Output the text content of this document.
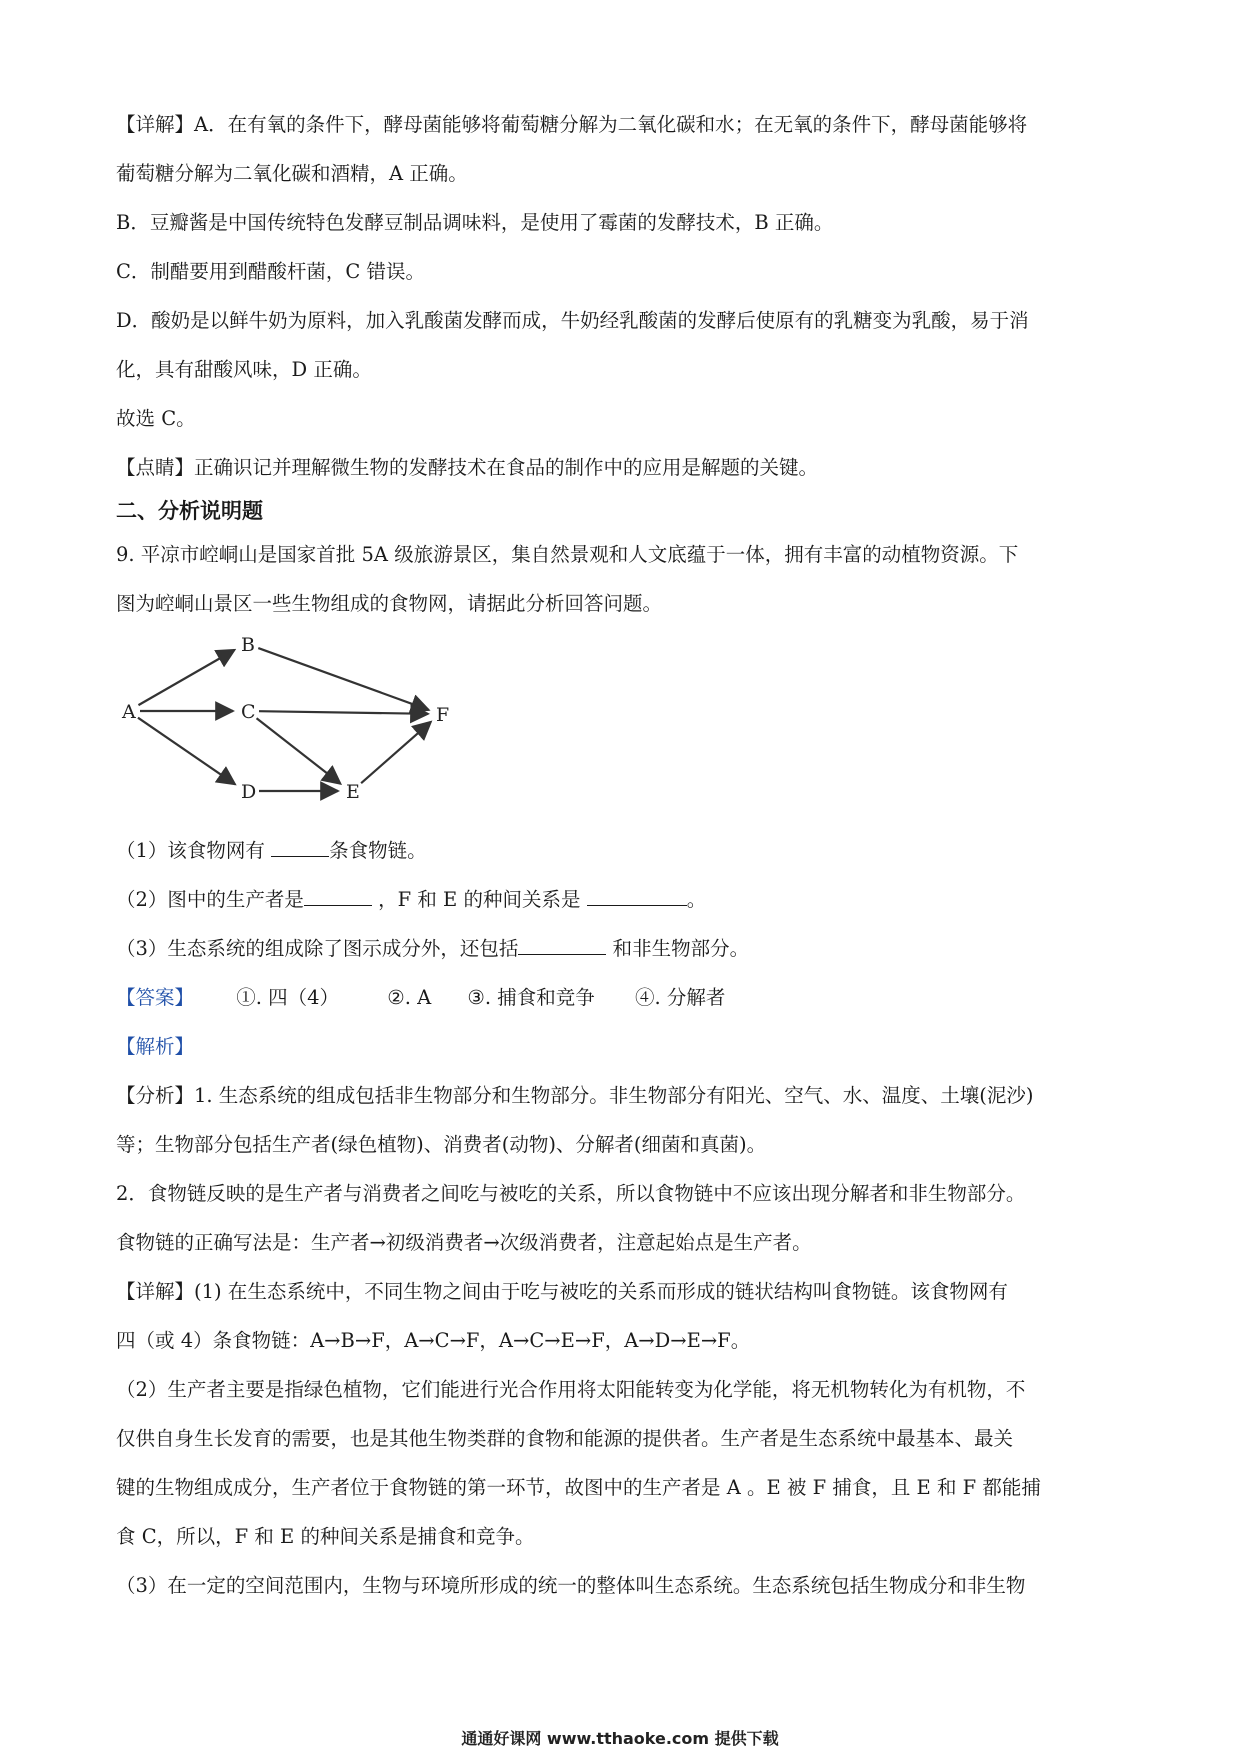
【详解】A．在有氧的条件下，酵母菌能够将葡萄糖分解为二氧化碳和水；在无氧的条件下，酵母菌能够将

葡萄糖分解为二氧化碳和酒精，A 正确。

B．豆瓣酱是中国传统特色发酵豆制品调味料，是使用了霉菌的发酵技术，B 正确。

C．制醋要用到醋酸杆菌，C 错误。

D．酸奶是以鲜牛奶为原料，加入乳酸菌发酵而成，牛奶经乳酸菌的发酵后使原有的乳糖变为乳酸，易于消

化，具有甜酸风味，D 正确。

故选 C。

【点睛】正确识记并理解微生物的发酵技术在食品的制作中的应用是解题的关键。

二、分析说明题

9. 平凉市崆峒山是国家首批 5A 级旅游景区，集自然景观和人文底蕴于一体，拥有丰富的动植物资源。下

图为崆峒山景区一些生物组成的食物网，请据此分析回答问题。

A
B
C
D	E
F

（1）该食物网有	条食物链。

（2）图中的生产者是	，F 和 E 的种间关系是	。

（3）生态系统的组成除了图示成分外，还包括	和非生物部分。

【答案】 ①. 四（4） ②. A ③. 捕食和竞争 ④. 分解者

【解析】

【分析】1. 生态系统的组成包括非生物部分和生物部分。非生物部分有阳光、空气、水、温度、土壤(泥沙)

等；生物部分包括生产者(绿色植物)、消费者(动物)、分解者(细菌和真菌)。

2．食物链反映的是生产者与消费者之间吃与被吃的关系，所以食物链中不应该出现分解者和非生物部分。

食物链的正确写法是：生产者→初级消费者→次级消费者，注意起始点是生产者。

【详解】(1) 在生态系统中，不同生物之间由于吃与被吃的关系而形成的链状结构叫食物链。该食物网有

四（或 4）条食物链：A→B→F，A→C→F，A→C→E→F，A→D→E→F。

（2）生产者主要是指绿色植物，它们能进行光合作用将太阳能转变为化学能，将无机物转化为有机物，不

仅供自身生长发育的需要，也是其他生物类群的食物和能源的提供者。生产者是生态系统中最基本、最关

键的生物组成成分，生产者位于食物链的第一环节，故图中的生产者是 A 。E 被 F 捕食，且 E 和 F 都能捕

食 C，所以，F 和 E 的种间关系是捕食和竞争。

（3）在一定的空间范围内，生物与环境所形成的统一的整体叫生态系统。生态系统包括生物成分和非生物

通通好课网 www.tthaoke.com 提供下载
